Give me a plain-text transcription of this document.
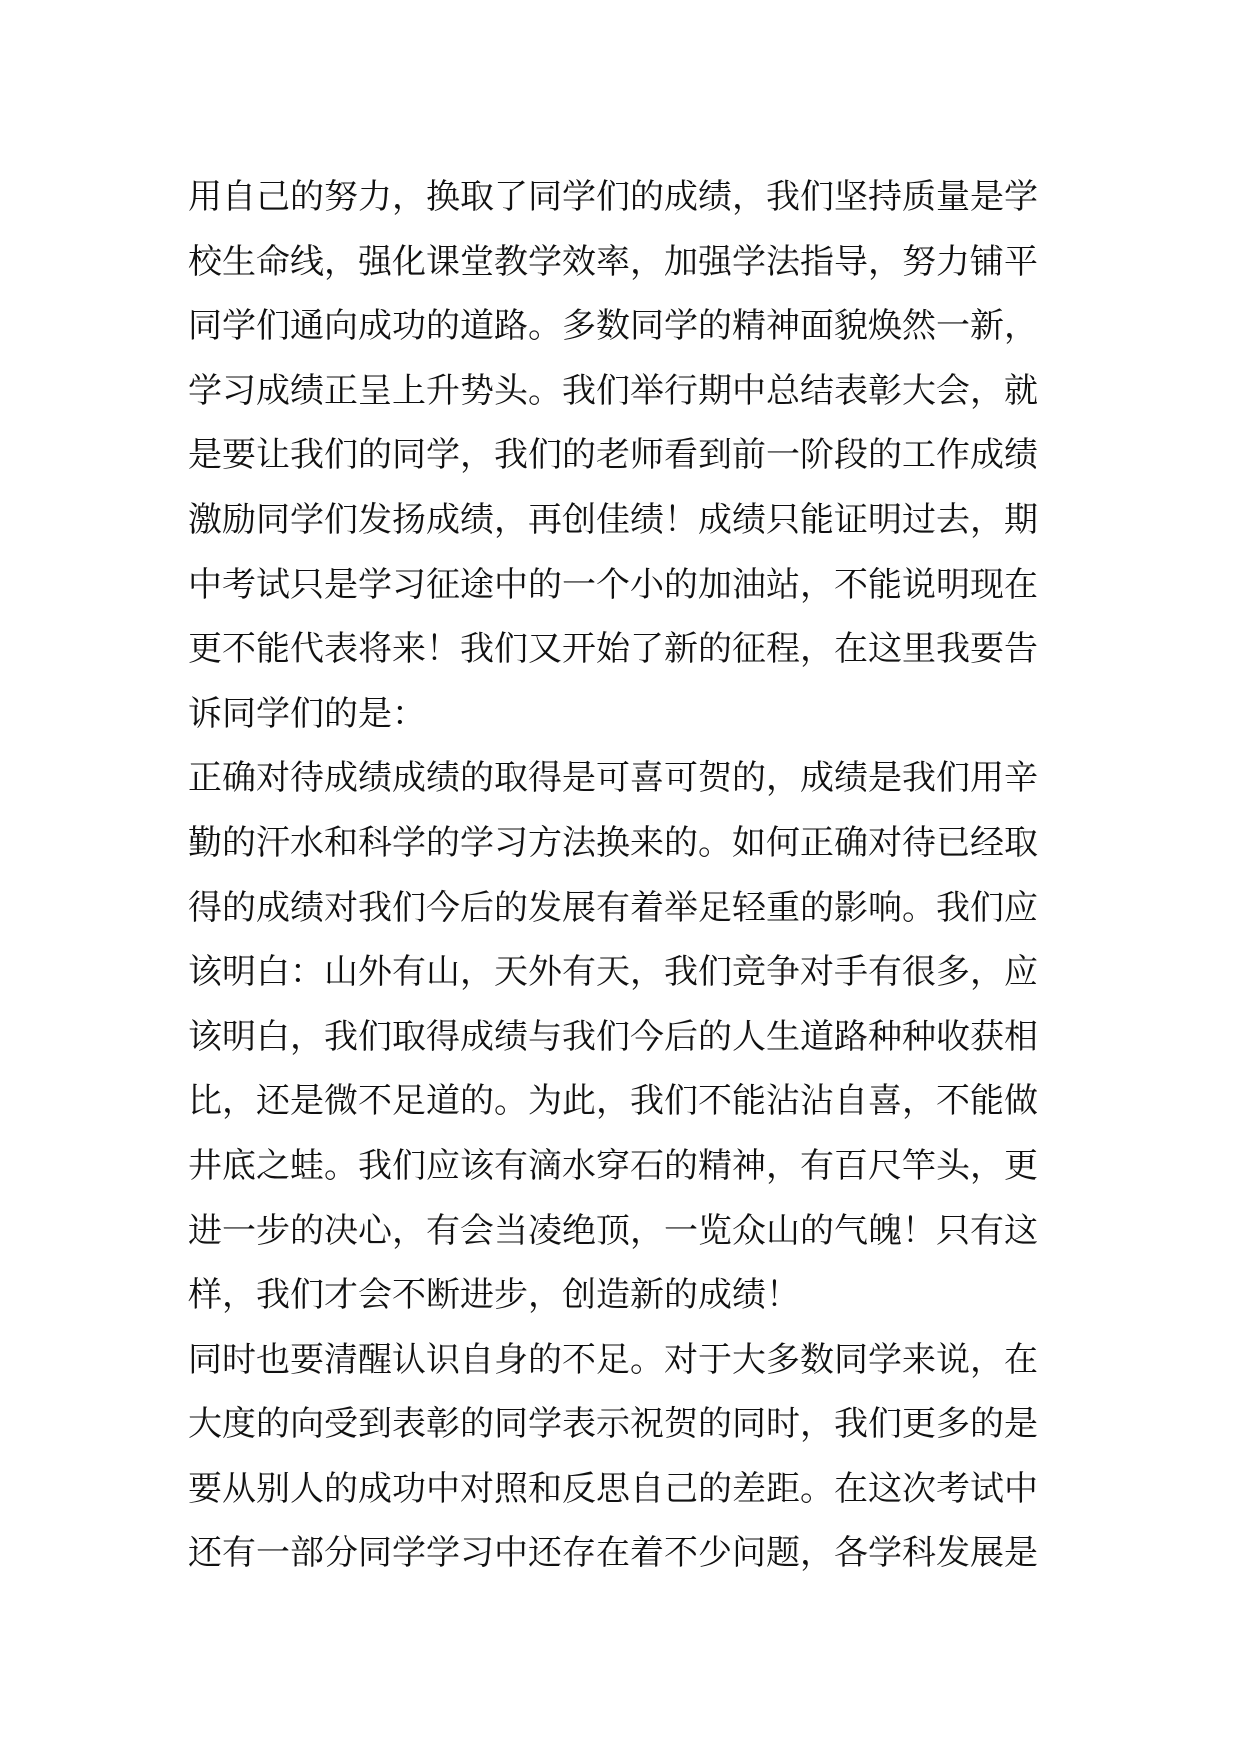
用自己的努力，换取了同学们的成绩，我们坚持质量是学
校生命线，强化课堂教学效率，加强学法指导，努力铺平
同学们通向成功的道路。多数同学的精神面貌焕然一新，
学习成绩正呈上升势头。我们举行期中总结表彰大会，就
是要让我们的同学，我们的老师看到前一阶段的工作成绩
激励同学们发扬成绩，再创佳绩！成绩只能证明过去，期
中考试只是学习征途中的一个小的加油站，不能说明现在
更不能代表将来！我们又开始了新的征程，在这里我要告
诉同学们的是：
正确对待成绩成绩的取得是可喜可贺的，成绩是我们用辛
勤的汗水和科学的学习方法换来的。如何正确对待已经取
得的成绩对我们今后的发展有着举足轻重的影响。我们应
该明白：山外有山，天外有天，我们竞争对手有很多，应
该明白，我们取得成绩与我们今后的人生道路种种收获相
比，还是微不足道的。为此，我们不能沾沾自喜，不能做
井底之蛙。我们应该有滴水穿石的精神，有百尺竿头，更
进一步的决心，有会当凌绝顶，一览众山的气魄！只有这
样，我们才会不断进步，创造新的成绩！
同时也要清醒认识自身的不足。对于大多数同学来说，在
大度的向受到表彰的同学表示祝贺的同时，我们更多的是
要从别人的成功中对照和反思自己的差距。在这次考试中
还有一部分同学学习中还存在着不少问题，各学科发展是
